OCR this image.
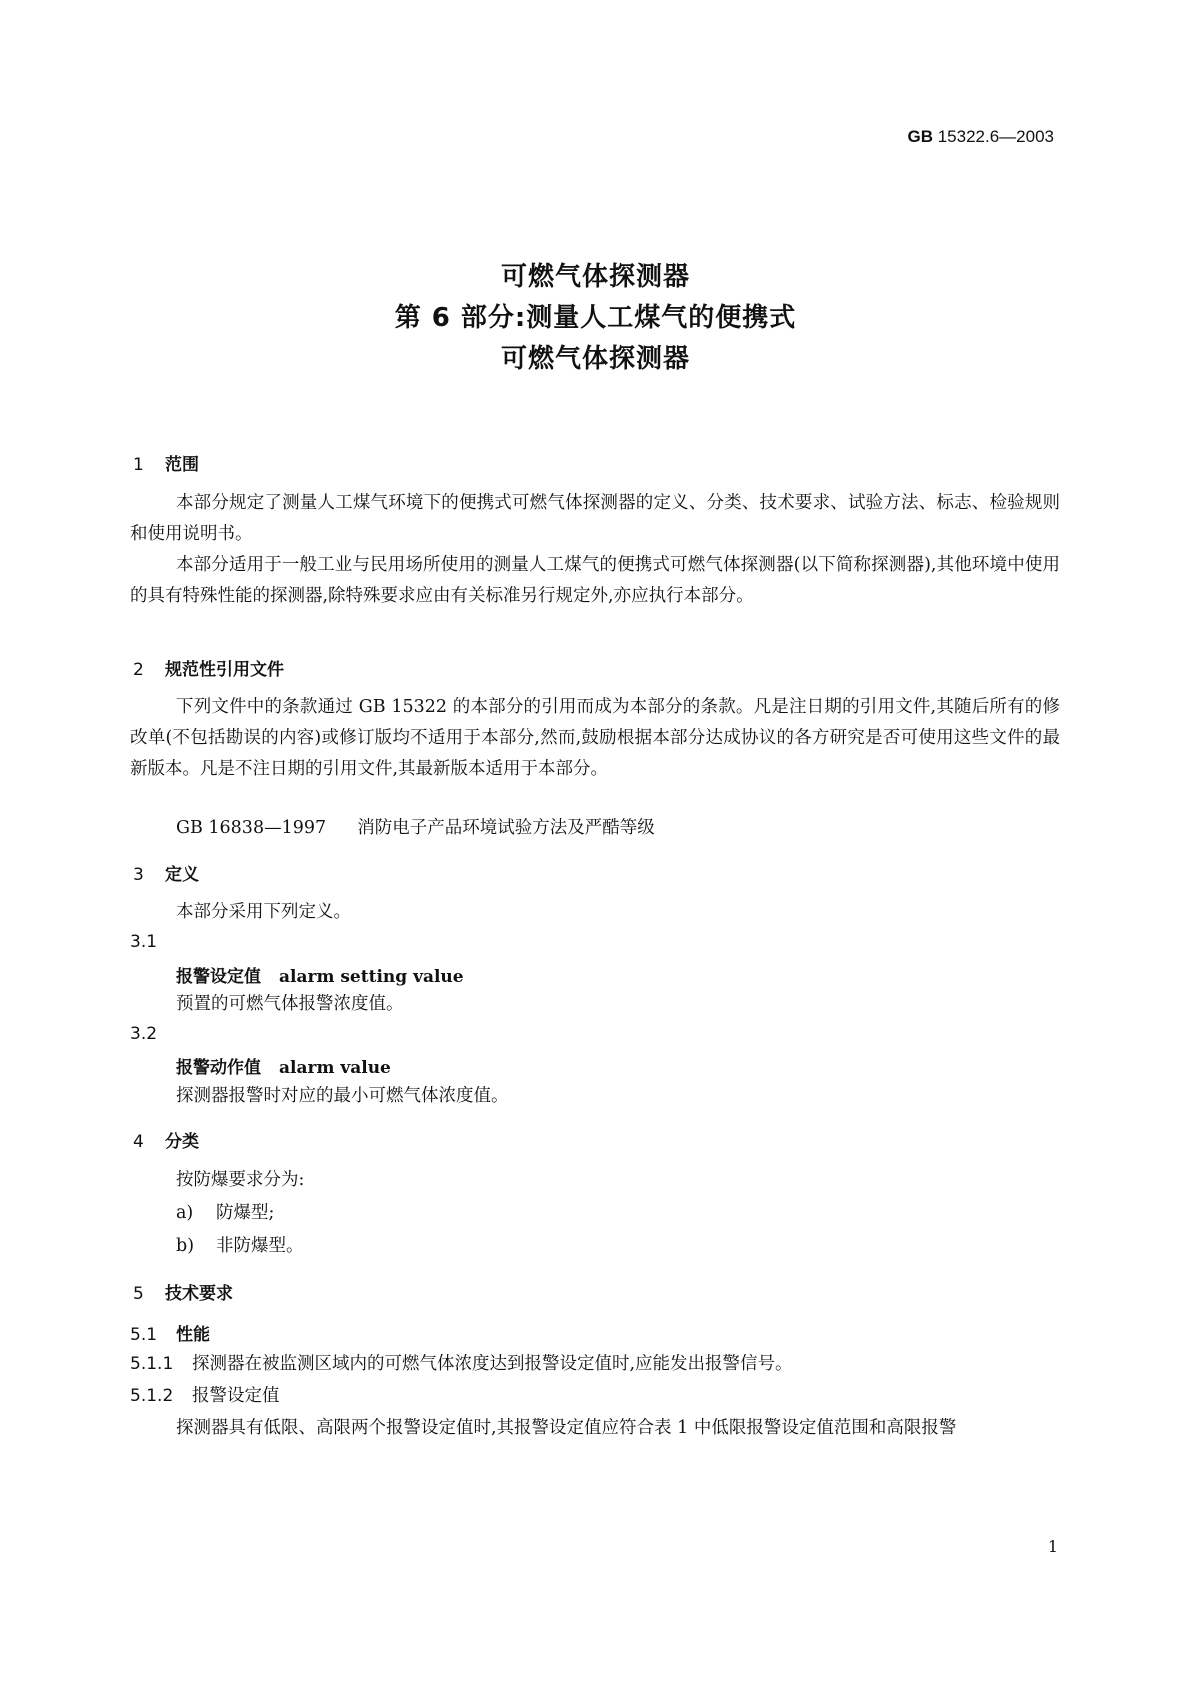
GB 15322.6—2003
可燃气体探测器
第 6 部分:测量人工煤气的便携式
可燃气体探测器
1 范围
本部分规定了测量人工煤气环境下的便携式可燃气体探测器的定义、分类、技术要求、试验方法、标志、检验规则和使用说明书。
本部分适用于一般工业与民用场所使用的测量人工煤气的便携式可燃气体探测器(以下简称探测器),其他环境中使用的具有特殊性能的探测器,除特殊要求应由有关标准另行规定外,亦应执行本部分。
2 规范性引用文件
下列文件中的条款通过 GB 15322 的本部分的引用而成为本部分的条款。凡是注日期的引用文件,其随后所有的修改单(不包括勘误的内容)或修订版均不适用于本部分,然而,鼓励根据本部分达成协议的各方研究是否可使用这些文件的最新版本。凡是不注日期的引用文件,其最新版本适用于本部分。
GB 16838—1997 消防电子产品环境试验方法及严酷等级
3 定义
本部分采用下列定义。
3.1
报警设定值 alarm setting value
预置的可燃气体报警浓度值。
3.2
报警动作值 alarm value
探测器报警时对应的最小可燃气体浓度值。
4 分类
按防爆要求分为:
a) 防爆型;
b) 非防爆型。
5 技术要求
5.1 性能
5.1.1 探测器在被监测区域内的可燃气体浓度达到报警设定值时,应能发出报警信号。
5.1.2 报警设定值
探测器具有低限、高限两个报警设定值时,其报警设定值应符合表 1 中低限报警设定值范围和高限报警
1
